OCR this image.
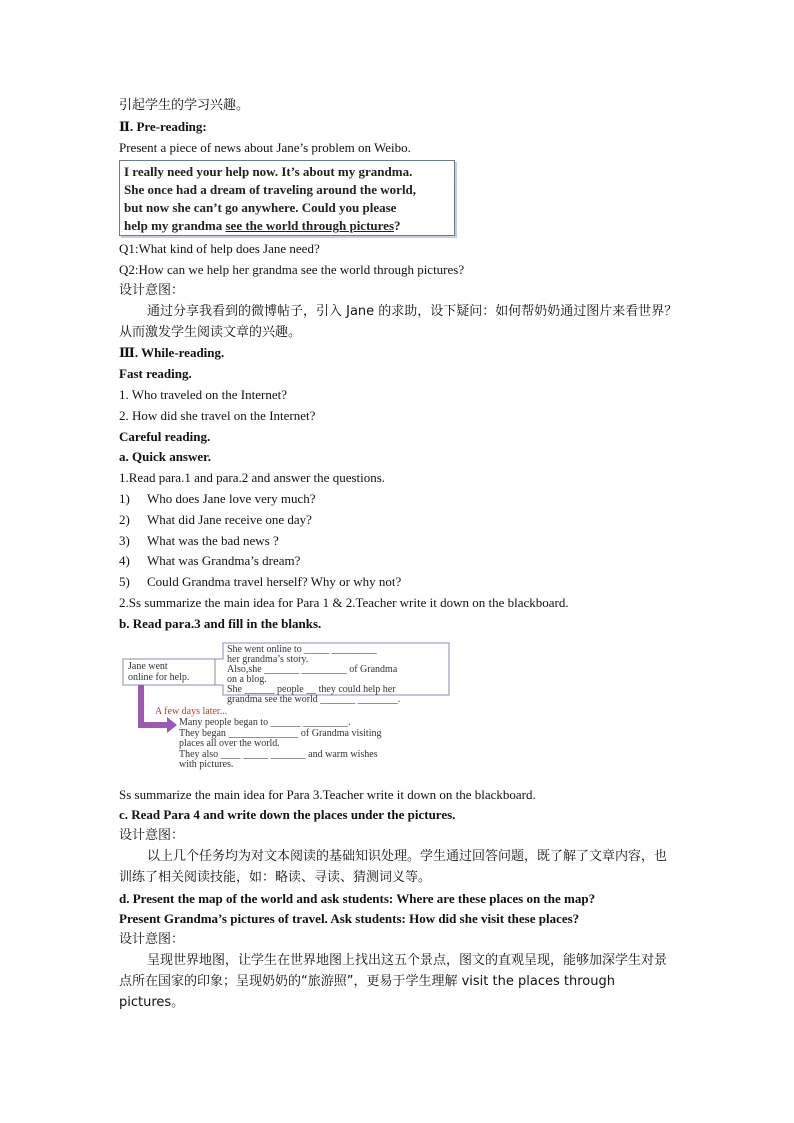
引起学生的学习兴趣。

Ⅱ. Pre-reading:

Present a piece of news about Jane’s problem on Weibo.

I really need your help now. It’s about my grandma.
She once had a dream of traveling around the world,
but now she can’t go anywhere. Could you please
help my grandma see the world through pictures?

Q1:What kind of help does Jane need?

Q2:How can we help her grandma see the world through pictures?

设计意图：

通过分享我看到的微博帖子，引入 Jane 的求助，设下疑问：如何帮奶奶通过图片来看世界？从而激发学生阅读文章的兴趣。

Ⅲ. While-reading.

Fast reading.

1. Who traveled on the Internet?

2. How did she travel on the Internet?

Careful reading.

a. Quick answer.

1.Read para.1 and para.2 and answer the questions.

1)	Who does Jane love very much?
2)	What did Jane receive one day?
3)	What was the bad news ?
4)	What was Grandma’s dream?
5)	Could Grandma travel herself? Why or why not?

2.Ss summarize the main idea for Para 1 & 2.Teacher write it down on the blackboard.

b. Read para.3 and fill in the blanks.

Jane went
online for help.
She went online to _____ _________
her grandma’s story.
Also,she _______ _________ of Grandma
on a blog.
She ______ people __ they could help her
grandma see the world _______ ________.
A few days later...
Many people began to ______ _________.
They began ______________ of Grandma visiting
places all over the world.
They also ____ _____ _______ and warm wishes
with pictures.

Ss summarize the main idea for Para 3.Teacher write it down on the blackboard.

c. Read Para 4 and write down the places under the pictures.

设计意图：

以上几个任务均为对文本阅读的基础知识处理。学生通过回答问题，既了解了文章内容，也训练了相关阅读技能，如：略读、寻读、猜测词义等。

d. Present the map of the world and ask students: Where are these places on the map?

Present Grandma’s pictures of travel. Ask students: How did she visit these places?

设计意图：

呈现世界地图，让学生在世界地图上找出这五个景点，图文的直观呈现，能够加深学生对景点所在国家的印象；呈现奶奶的“旅游照”，更易于学生理解 visit the places through pictures。
